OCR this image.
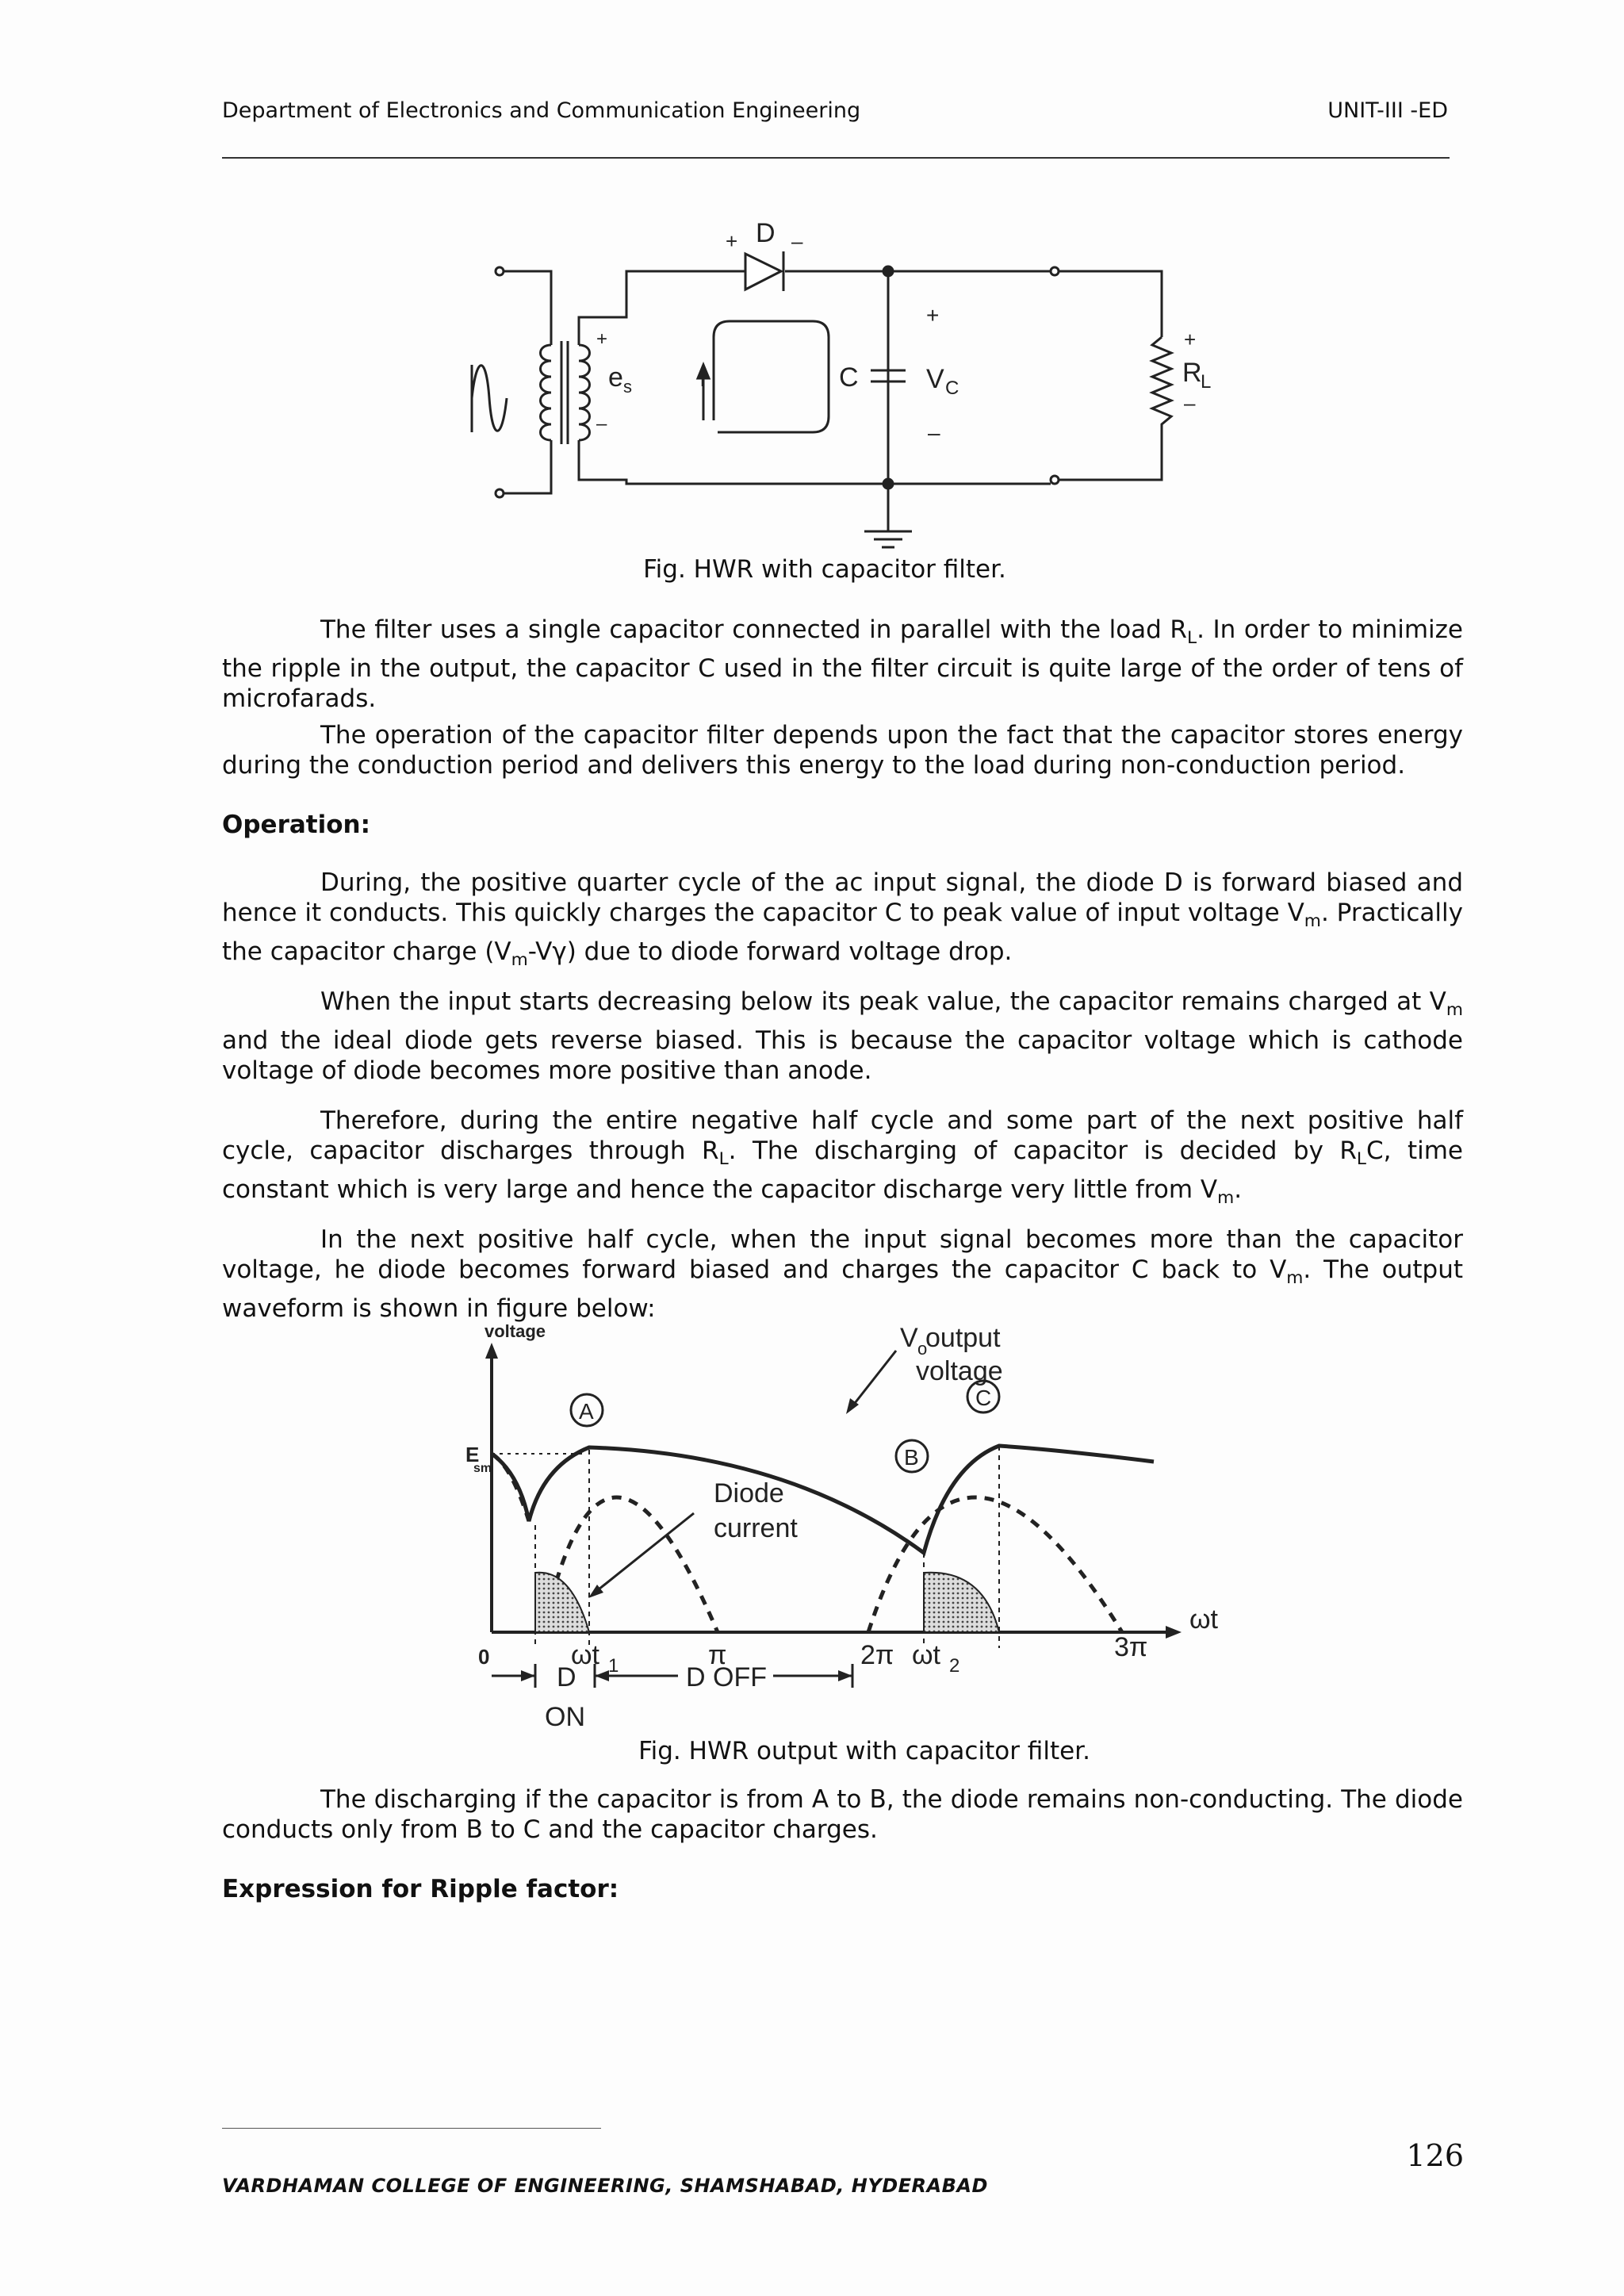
Department of Electronics and Communication Engineering	UNIT-III -ED
D
+	–
+
e s
–
I	C	V C
+
–
+
R
L
–
Fig. HWR with capacitor filter.

The filter uses a single capacitor connected in parallel with the load $R_L$. In order to minimize the ripple in the output, the capacitor C used in the filter circuit is quite large of the order of tens of microfarads.

The operation of the capacitor filter depends upon the fact that the capacitor stores energy during the conduction period and delivers this energy to the load during non-conduction period.

Operation:

During, the positive quarter cycle of the ac input signal, the diode D is forward biased and hence it conducts. This quickly charges the capacitor C to peak value of input voltage $V_m$. Practically the capacitor charge $(V_m-V\gamma)$ due to diode forward voltage drop.

When the input starts decreasing below its peak value, the capacitor remains charged at $V_m$ and the ideal diode gets reverse biased. This is because the capacitor voltage which is cathode voltage of diode becomes more positive than anode.

Therefore, during the entire negative half cycle and some part of the next positive half cycle, capacitor discharges through $R_L$. The discharging of capacitor is decided by $R_LC$, time constant which is very large and hence the capacitor discharge very little from $V_m$.

In the next positive half cycle, when the input signal becomes more than the capacitor voltage, he diode becomes forward biased and charges the capacitor C back to $V_m$. The output waveform is shown in figure below:

voltage
E
sm
V o
output
voltage
A
B
C
Diode
current
ωt
0	ωt 1	π	2π ωt 2
3π
D
ON
D OFF
Fig. HWR output with capacitor filter.

The discharging if the capacitor is from A to B, the diode remains non-conducting. The diode conducts only from B to C and the capacitor charges.

Expression for Ripple factor:
126
VARDHAMAN COLLEGE OF ENGINEERING, SHAMSHABAD, HYDERABAD
